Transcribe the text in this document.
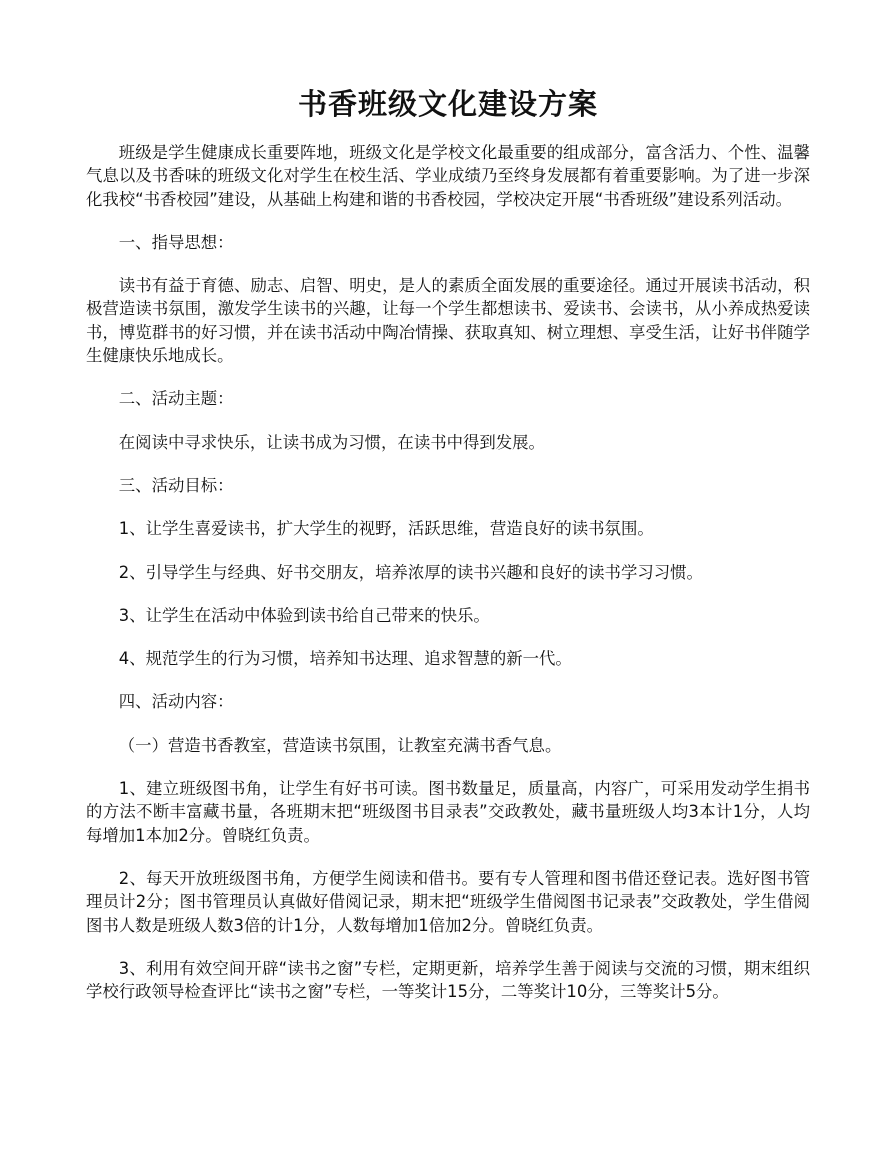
书香班级文化建设方案

班级是学生健康成长重要阵地，班级文化是学校文化最重要的组成部分，富含活力、个性、温馨气息以及书香味的班级文化对学生在校生活、学业成绩乃至终身发展都有着重要影响。为了进一步深化我校“书香校园”建设，从基础上构建和谐的书香校园，学校决定开展“书香班级”建设系列活动。

一、指导思想：

读书有益于育德、励志、启智、明史，是人的素质全面发展的重要途径。通过开展读书活动，积极营造读书氛围，激发学生读书的兴趣，让每一个学生都想读书、爱读书、会读书，从小养成热爱读书，博览群书的好习惯，并在读书活动中陶冶情操、获取真知、树立理想、享受生活，让好书伴随学生健康快乐地成长。

二、活动主题：

在阅读中寻求快乐，让读书成为习惯，在读书中得到发展。

三、活动目标：

1、让学生喜爱读书，扩大学生的视野，活跃思维，营造良好的读书氛围。

2、引导学生与经典、好书交朋友，培养浓厚的读书兴趣和良好的读书学习习惯。

3、让学生在活动中体验到读书给自己带来的快乐。

4、规范学生的行为习惯，培养知书达理、追求智慧的新一代。

四、活动内容：

（一）营造书香教室，营造读书氛围，让教室充满书香气息。

1、建立班级图书角，让学生有好书可读。图书数量足，质量高，内容广，可采用发动学生捐书的方法不断丰富藏书量，各班期末把“班级图书目录表”交政教处，藏书量班级人均3本计1分，人均每增加1本加2分。曾晓红负责。

2、每天开放班级图书角，方便学生阅读和借书。要有专人管理和图书借还登记表。选好图书管理员计2分；图书管理员认真做好借阅记录，期末把“班级学生借阅图书记录表”交政教处，学生借阅图书人数是班级人数3倍的计1分，人数每增加1倍加2分。曾晓红负责。

3、利用有效空间开辟“读书之窗”专栏，定期更新，培养学生善于阅读与交流的习惯，期末组织学校行政领导检查评比“读书之窗”专栏，一等奖计15分，二等奖计10分，三等奖计5分。
